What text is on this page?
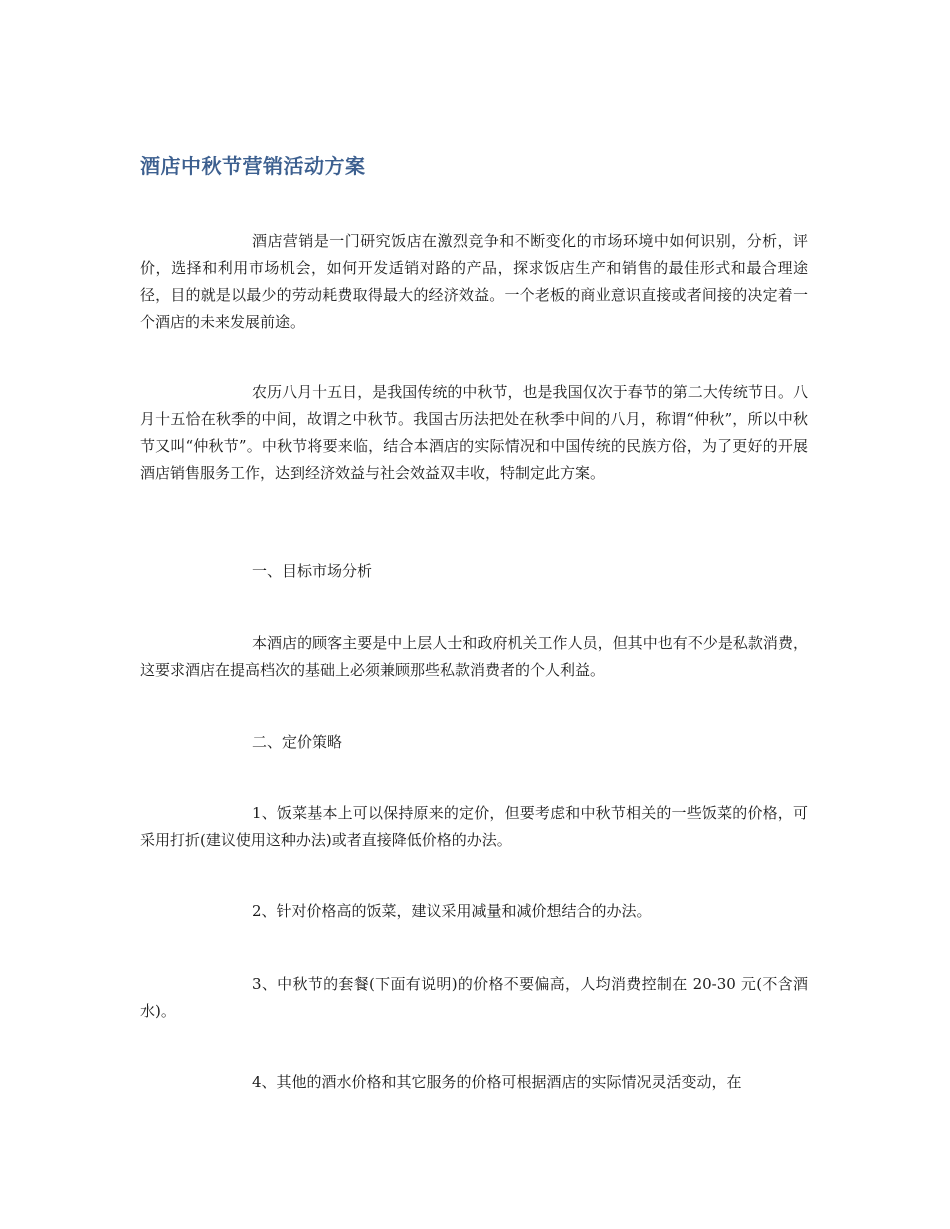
酒店中秋节营销活动方案

酒店营销是一门研究饭店在激烈竞争和不断变化的市场环境中如何识别，分析，评价，选择和利用市场机会，如何开发适销对路的产品，探求饭店生产和销售的最佳形式和最合理途径，目的就是以最少的劳动耗费取得最大的经济效益。一个老板的商业意识直接或者间接的决定着一个酒店的未来发展前途。

农历八月十五日，是我国传统的中秋节，也是我国仅次于春节的第二大传统节日。八月十五恰在秋季的中间，故谓之中秋节。我国古历法把处在秋季中间的八月，称谓“仲秋”，所以中秋节又叫“仲秋节”。中秋节将要来临，结合本酒店的实际情况和中国传统的民族方俗，为了更好的开展酒店销售服务工作，达到经济效益与社会效益双丰收，特制定此方案。

一、目标市场分析

本酒店的顾客主要是中上层人士和政府机关工作人员，但其中也有不少是私款消费，这要求酒店在提高档次的基础上必须兼顾那些私款消费者的个人利益。

二、定价策略

1、饭菜基本上可以保持原来的定价，但要考虑和中秋节相关的一些饭菜的价格，可采用打折(建议使用这种办法)或者直接降低价格的办法。

2、针对价格高的饭菜，建议采用减量和减价想结合的办法。

3、中秋节的套餐(下面有说明)的价格不要偏高，人均消费控制在 20-30 元(不含酒水)。

4、其他的酒水价格和其它服务的价格可根据酒店的实际情况灵活变动，在
